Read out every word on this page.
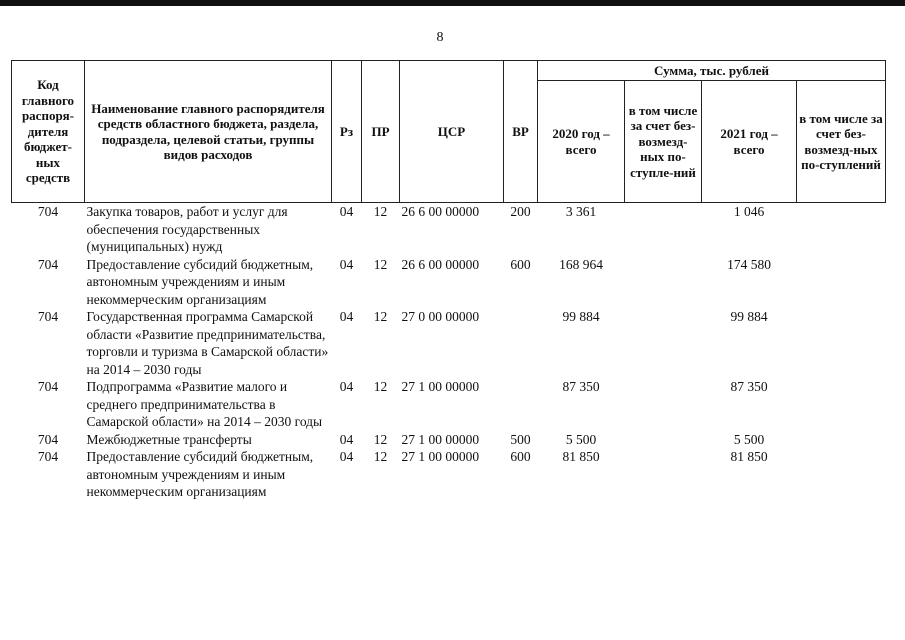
8
Код главного распоря-дителя бюджет-ных средств	Наименование главного распорядителя средств областного бюджета, раздела, подраздела, целевой статьи, группы видов расходов	Рз	ПР	ЦСР	ВР	Сумма, тыс. рублей			
						2020 год – всего	в том числе за счет без-возмезд-ных по-ступле-ний	2021 год – всего	в том числе за счет без-возмезд-ных по-ступлений
704	Закупка товаров, работ и услуг для обеспечения государственных (муниципальных) нужд	04	12	26 6 00 00000	200	3 361		1 046	
704	Предоставление субсидий бюджетным, автономным учреждениям и иным некоммерческим организациям	04	12	26 6 00 00000	600	168 964		174 580	
704	Государственная программа Самарской области «Развитие предпринимательства, торговли и туризма в Самарской области» на 2014 – 2030 годы	04	12	27 0 00 00000		99 884		99 884	
704	Подпрограмма «Развитие малого и среднего предпринимательства в Самарской области» на 2014 – 2030 годы	04	12	27 1 00 00000		87 350		87 350	
704	Межбюджетные трансферты	04	12	27 1 00 00000	500	5 500		5 500	
704	Предоставление субсидий бюджетным, автономным учреждениям и иным некоммерческим организациям	04	12	27 1 00 00000	600	81 850		81 850	
